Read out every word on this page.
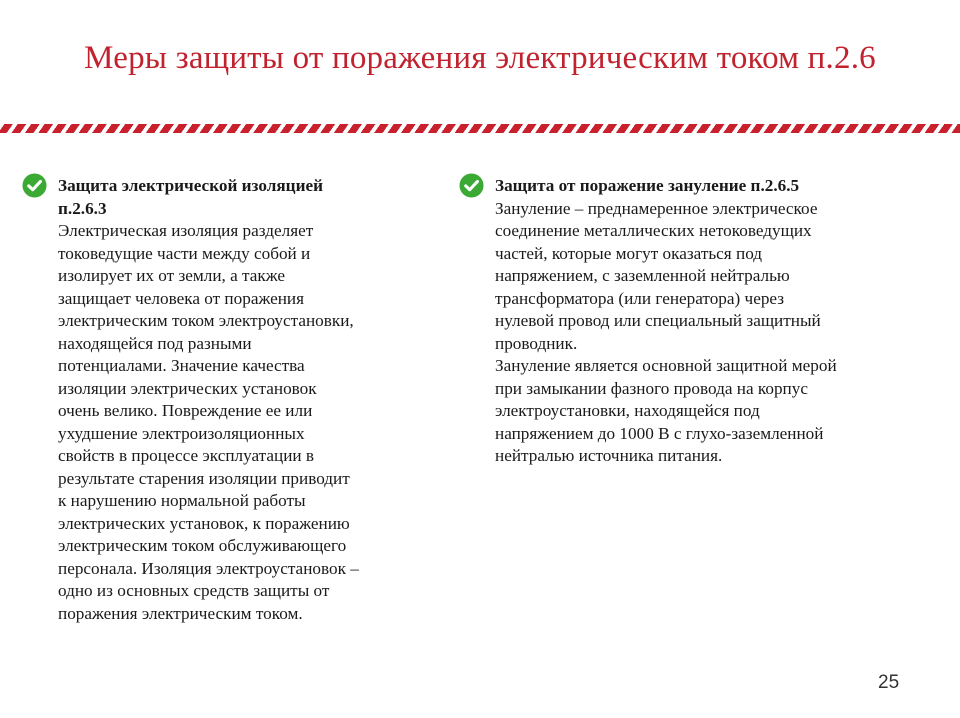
Меры защиты от поражения электрическим током п.2.6
Защита электрической изоляцией
п.2.6.3
Электрическая изоляция разделяет
токоведущие части между собой и
изолирует их от земли, а также
защищает человека от поражения
электрическим током электроустановки,
находящейся под разными
потенциалами. Значение качества
изоляции электрических установок
очень велико. Повреждение ее или
ухудшение электроизоляционных
свойств в процессе эксплуатации в
результате старения изоляции приводит
к нарушению нормальной работы
электрических установок, к поражению
электрическим током обслуживающего
персонала. Изоляция электроустановок –
одно из основных средств защиты от
поражения электрическим током.
Защита от поражение зануление п.2.6.5
Зануление – преднамеренное электрическое
соединение металлических нетоковедущих
частей, которые могут оказаться под
напряжением, с заземленной нейтралью
трансформатора (или генератора) через
нулевой провод или специальный защитный
проводник.
Зануление является основной защитной мерой
при замыкании фазного провода на корпус
электроустановки, находящейся под
напряжением до 1000 В с глухо-заземленной
нейтралью источника питания.
25
